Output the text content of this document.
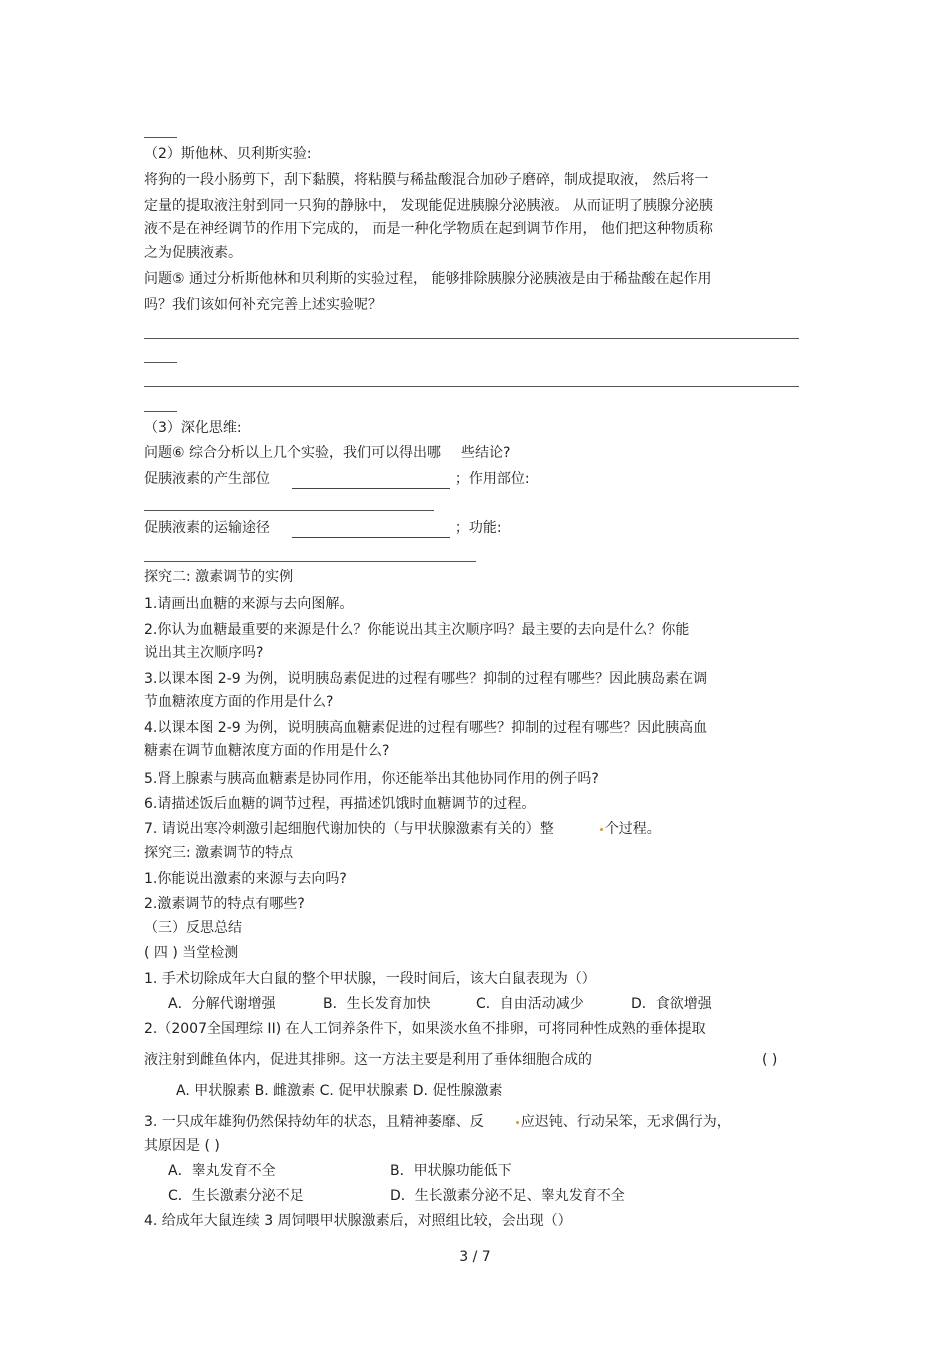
（2）斯他林、贝利斯实验:
将狗的一段小肠剪下，刮下黏膜，将粘膜与稀盐酸混合加砂子磨碎，制成提取液， 然后将一
定量的提取液注射到同一只狗的静脉中， 发现能促进胰腺分泌胰液。 从而证明了胰腺分泌胰
液不是在神经调节的作用下完成的， 而是一种化学物质在起到调节作用， 他们把这种物质称
之为促胰液素。
问题⑤ 通过分析斯他林和贝利斯的实验过程， 能够排除胰腺分泌胰液是由于稀盐酸在起作用
吗？我们该如何补充完善上述实验呢？
（3）深化思维:
问题⑥ 综合分析以上几个实验，我们可以得出哪 些结论?
促胰液素的产生部位	；作用部位:
促胰液素的运输途径	；功能:
探究二: 激素调节的实例
1.请画出血糖的来源与去向图解。
2.你认为血糖最重要的来源是什么？你能说出其主次顺序吗？最主要的去向是什么？你能
说出其主次顺序吗?
3.以课本图 2-9 为例，说明胰岛素促进的过程有哪些？抑制的过程有哪些？因此胰岛素在调
节血糖浓度方面的作用是什么?
4.以课本图 2-9 为例，说明胰高血糖素促进的过程有哪些？抑制的过程有哪些？因此胰高血
糖素在调节血糖浓度方面的作用是什么?
5.肾上腺素与胰高血糖素是协同作用，你还能举出其他协同作用的例子吗?
6.请描述饭后血糖的调节过程，再描述饥饿时血糖调节的过程。
7. 请说出寒冷刺激引起细胞代谢加快的（与甲状腺激素有关的）整	个过程。
探究三: 激素调节的特点
1.你能说出激素的来源与去向吗?
2.激素调节的特点有哪些?
（三）反思总结
( 四 ) 当堂检测
1. 手术切除成年大白鼠的整个甲状腺，一段时间后，该大白鼠表现为（）
A．分解代谢增强	B．生长发育加快	C．自由活动减少	D．食欲增强
2.（2007全国理综 II) 在人工饲养条件下，如果淡水鱼不排卵，可将同种性成熟的垂体提取
液注射到雌鱼体内，促进其排卵。这一方法主要是利用了垂体细胞合成的	( )
A. 甲状腺素 B. 雌激素 C. 促甲状腺素 D. 促性腺激素
3. 一只成年雄狗仍然保持幼年的状态，且精神萎靡、反	应迟钝、行动呆笨，无求偶行为，
其原因是 ( )
A．睾丸发育不全	B．甲状腺功能低下
C．生长激素分泌不足	D．生长激素分泌不足、睾丸发育不全
4. 给成年大鼠连续 3 周饲喂甲状腺激素后，对照组比较，会出现（）
3 / 7
